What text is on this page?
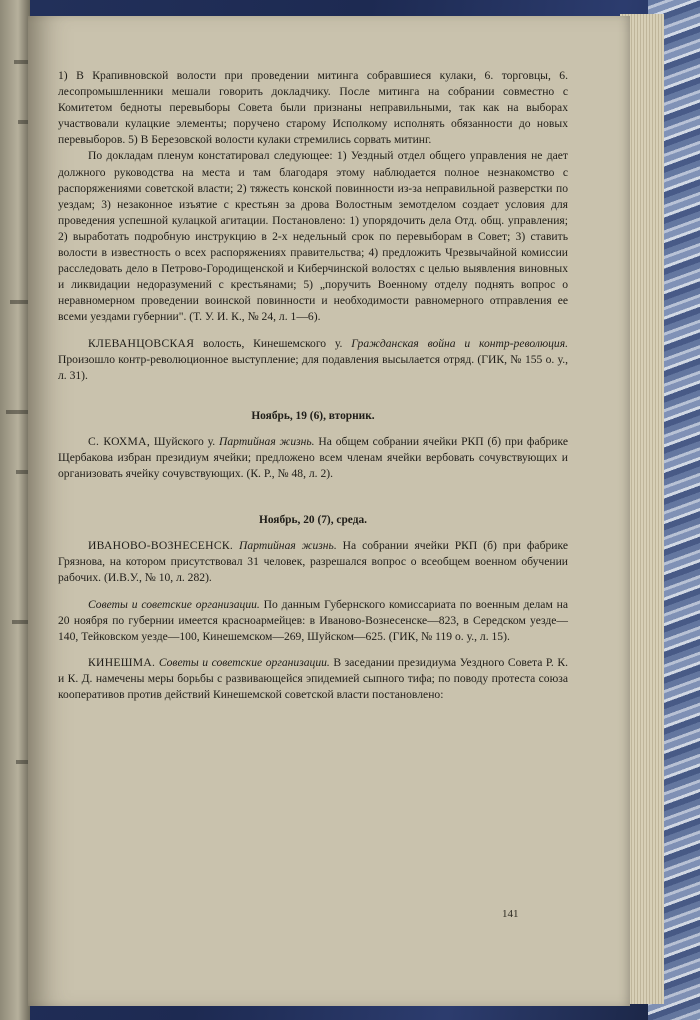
1) В Крапивновской волости при проведении митинга собравшиеся кулаки, 6. торговцы, 6. лесопромышленники мешали говорить докладчику. После митинга на собрании совместно с Комитетом бедноты перевыборы Совета были признаны неправильными, так как на выборах участвовали кулацкие элементы; поручено старому Исполкому исполнять обязанности до новых перевыборов. 5) В Березовской волости кулаки стремились сорвать митинг.

По докладам пленум констатировал следующее: 1) Уездный отдел общего управления не дает должного руководства на места и там благодаря этому наблюдается полное незнакомство с распоряжениями советской власти; 2) тяжесть конской повинности из-за неправильной разверстки по уездам; 3) незаконное изъятие с крестьян за дрова Волостным земотделом создает условия для проведения успешной кулацкой агитации. Постановлено: 1) упорядочить дела Отд. общ. управления; 2) выработать подробную инструкцию в 2-х недельный срок по перевыборам в Совет; 3) ставить волости в известность о всех распоряжениях правительства; 4) предложить Чрезвычайной комиссии расследовать дело в Петрово-Городищенской и Киберчинской волостях с целью выявления виновных и ликвидации недоразумений с крестьянами; 5) „поручить Военному отделу поднять вопрос о неравномерном проведении воинской повинности и необходимости равномерного отправления ее всеми уездами губернии". (Т. У. И. К., № 24, л. 1—6).

КЛЕВАНЦОВСКАЯ волость, Кинешемского у. Гражданская война и контр-революция. Произошло контр-революционное выступление; для подавления высылается отряд. (ГИК, № 155 о. у., л. 31).

Ноябрь, 19 (6), вторник.

С. КОХМА, Шуйского у. Партийная жизнь. На общем собрании ячейки РКП (б) при фабрике Щербакова избран президиум ячейки; предложено всем членам ячейки вербовать сочувствующих и организовать ячейку сочувствующих. (К. Р., № 48, л. 2).

Ноябрь, 20 (7), среда.

ИВАНОВО-ВОЗНЕСЕНСК. Партийная жизнь. На собрании ячейки РКП (б) при фабрике Грязнова, на котором присутствовал 31 человек, разрешался вопрос о всеобщем военном обучении рабочих. (И.В.У., № 10, л. 282).

Советы и советские организации. По данным Губернского комиссариата по военным делам на 20 ноября по губернии имеется красноармейцев: в Иваново-Вознесенске—823, в Середском уезде—140, Тейковском уезде—100, Кинешемском—269, Шуйском—625. (ГИК, № 119 о. у., л. 15).

КИНЕШМА. Советы и советские организации. В заседании президиума Уездного Совета Р. К. и К. Д. намечены меры борьбы с развивающейся эпидемией сыпного тифа; по поводу протеста союза кооперативов против действий Кинешемской советской власти постановлено:

141
